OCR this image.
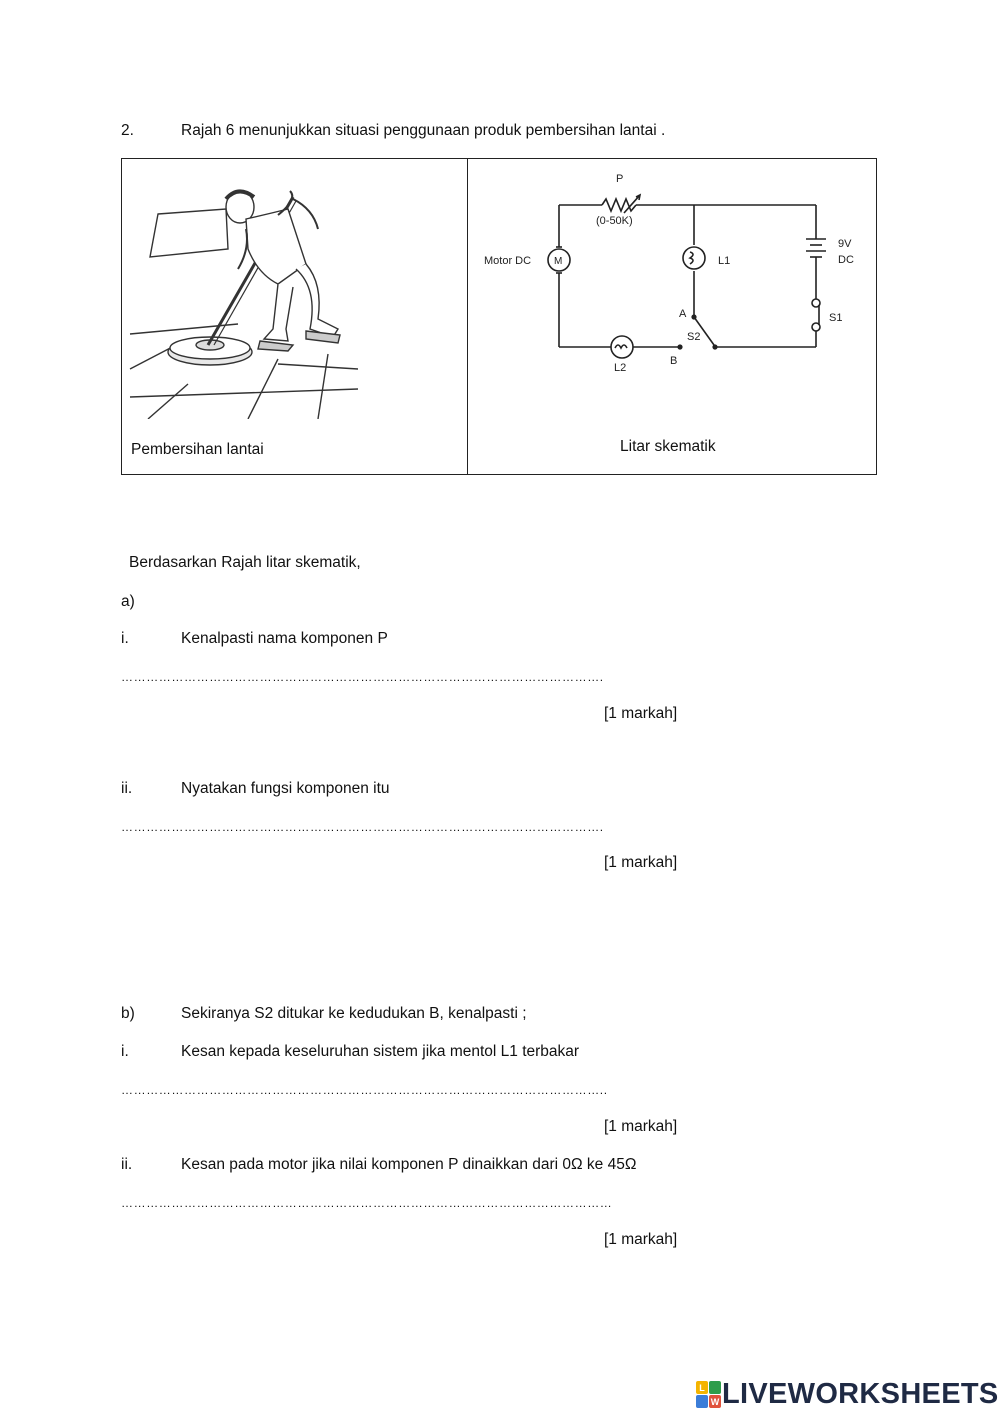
2.	Rajah 6 menunjukkan situasi penggunaan produk pembersihan lantai .
Pembersihan lantai
P
(0-50K)
Motor DC M	L1
9V
DC
S1
A
S2
B
L2
Litar skematik
Berdasarkan Rajah litar skematik,
a)
i.	Kenalpasti nama komponen P
…………………………………………………………………………………………………….
[1 markah]
ii.	Nyatakan fungsi komponen itu
…………………………………………………………………………………………………….
[1 markah]
b)	Sekiranya S2 ditukar ke kedudukan B, kenalpasti ;
i.	Kesan kepada keseluruhan sistem jika mentol L1 terbakar
……………………………………………………………………………………………………..
[1 markah]
ii.	Kesan pada motor jika nilai komponen P dinaikkan dari 0Ω ke 45Ω
………………………………………………………………………………………………………
[1 markah]
L
W LIVEWORKSHEETS
